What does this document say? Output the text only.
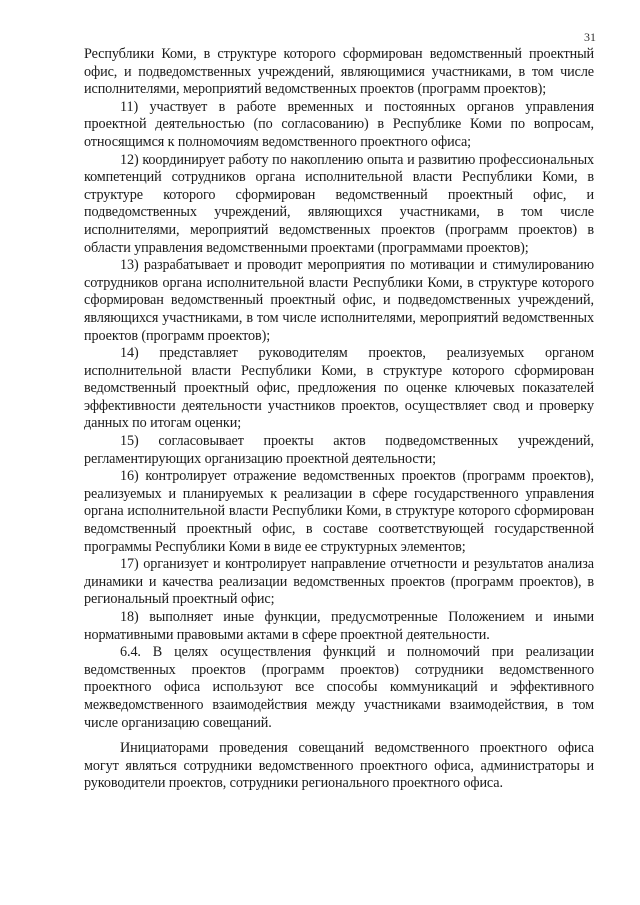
31

Республики Коми, в структуре которого сформирован ведомственный проектный офис, и подведомственных учреждений, являющимися участниками, в том числе исполнителями, мероприятий ведомственных проектов (программ проектов);

11) участвует в работе временных и постоянных органов управления проектной деятельностью (по согласованию) в Республике Коми по вопросам, относящимся к полномочиям ведомственного проектного офиса;

12) координирует работу по накоплению опыта и развитию профессиональных компетенций сотрудников органа исполнительной власти Республики Коми, в структуре которого сформирован ведомственный проектный офис, и подведомственных учреждений, являющихся участниками, в том числе исполнителями, мероприятий ведомственных проектов (программ проектов) в области управления ведомственными проектами (программами проектов);

13) разрабатывает и проводит мероприятия по мотивации и стимулированию сотрудников органа исполнительной власти Республики Коми, в структуре которого сформирован ведомственный проектный офис, и подведомственных учреждений, являющихся участниками, в том числе исполнителями, мероприятий ведомственных проектов (программ проектов);

14) представляет руководителям проектов, реализуемых органом исполнительной власти Республики Коми, в структуре которого сформирован ведомственный проектный офис, предложения по оценке ключевых показателей эффективности деятельности участников проектов, осуществляет свод и проверку данных по итогам оценки;

15) согласовывает проекты актов подведомственных учреждений, регламентирующих организацию проектной деятельности;

16) контролирует отражение ведомственных проектов (программ проектов), реализуемых и планируемых к реализации в сфере государственного управления органа исполнительной власти Республики Коми, в структуре которого сформирован ведомственный проектный офис, в составе соответствующей государственной программы Республики Коми в виде ее структурных элементов;

17) организует и контролирует направление отчетности и результатов анализа динамики и качества реализации ведомственных проектов (программ проектов), в региональный проектный офис;

18) выполняет иные функции, предусмотренные Положением и иными нормативными правовыми актами в сфере проектной деятельности.

6.4. В целях осуществления функций и полномочий при реализации ведомственных проектов (программ проектов) сотрудники ведомственного проектного офиса используют все способы коммуникаций и эффективного межведомственного взаимодействия между участниками взаимодействия, в том числе организацию совещаний.

Инициаторами проведения совещаний ведомственного проектного офиса могут являться сотрудники ведомственного проектного офиса, администраторы и руководители проектов, сотрудники регионального проектного офиса.
